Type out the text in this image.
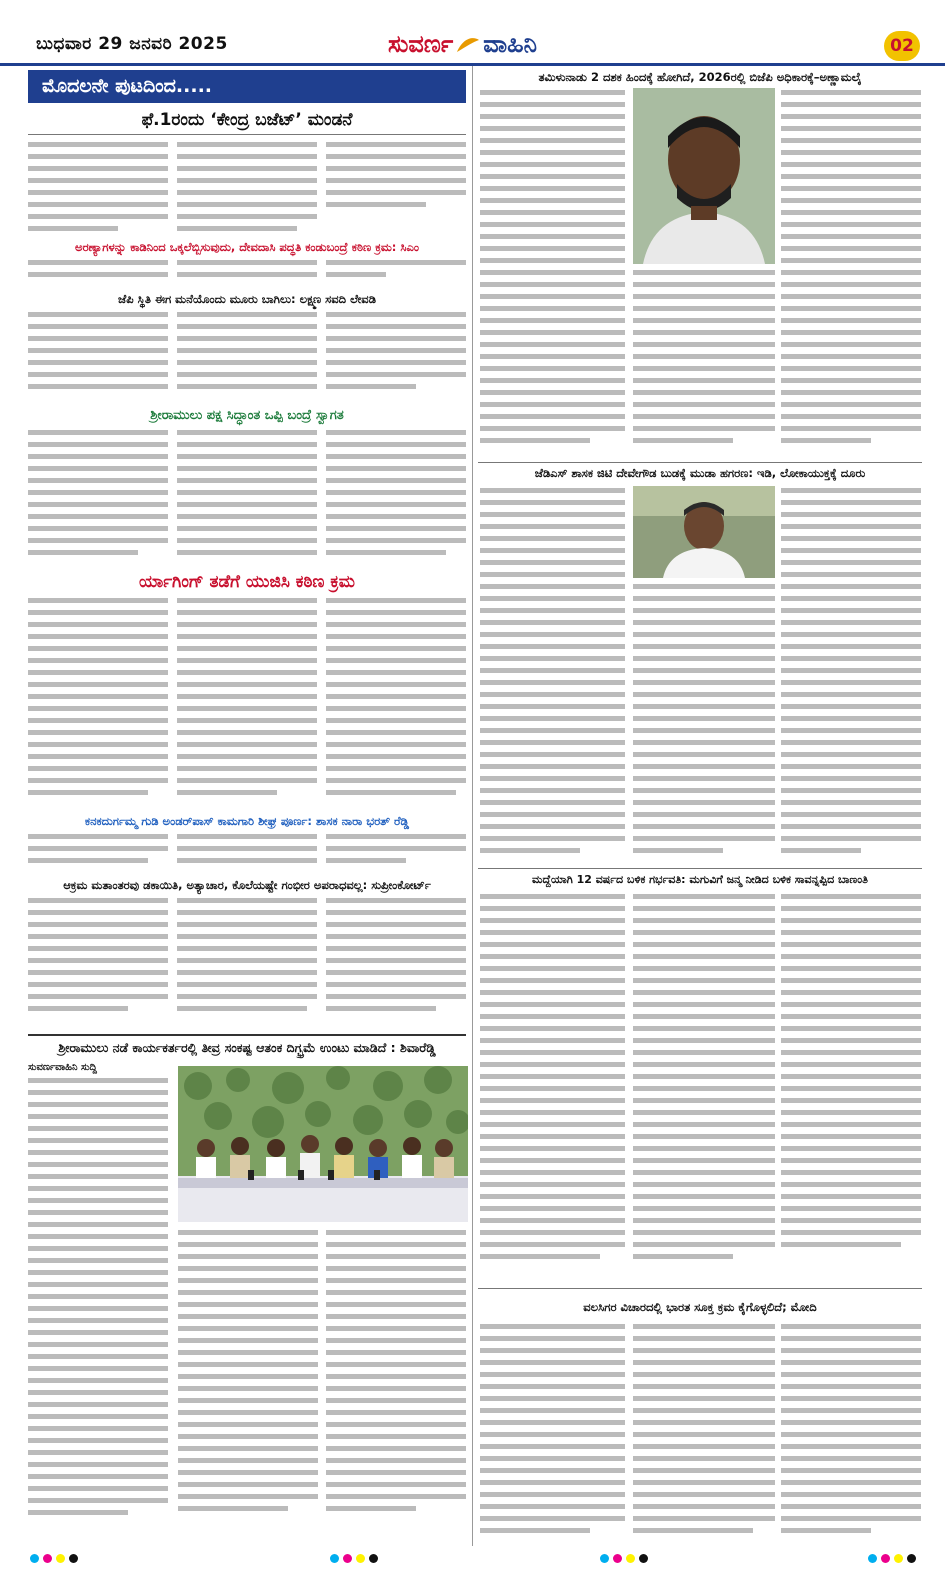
ಬುಧವಾರ 29 ಜನವರಿ 2025	ಸುವರ್ಣ ವಾಹಿನಿ	02
ಮೊದಲನೇ ಪುಟದಿಂದ.....
ಫೆ.1ರಂದು ‘ಕೇಂದ್ರ ಬಜೆಟ್’ ಮಂಡನೆ
ಅರಣ್ಯಾಗಳನ್ನು ಕಾಡಿನಿಂದ ಒಕ್ಕಲೆಬ್ಬಿಸುವುದು, ದೇವದಾಸಿ ಪದ್ಧತಿ ಕಂಡುಬಂದ್ರೆ ಕಠಿಣ ಕ್ರಮ: ಸಿಎಂ
ಜೆಪಿ ಸ್ಥಿತಿ ಈಗ ಮನೆಯೊಂದು ಮೂರು ಬಾಗಿಲು: ಲಕ್ಷ್ಮಣ ಸವದಿ ಲೇವಡಿ
ಶ್ರೀರಾಮುಲು ಪಕ್ಷ ಸಿದ್ಧಾಂತ ಒಪ್ಪಿ ಬಂದ್ರೆ ಸ್ವಾಗತ
ರ್ಯಾಗಿಂಗ್ ತಡೆಗೆ ಯುಜಿಸಿ ಕಠಿಣ ಕ್ರಮ
ಕನಕದುರ್ಗಮ್ಮ ಗುಡಿ ಅಂಡರ್‌ಪಾಸ್ ಕಾಮಗಾರಿ ಶೀಘ್ರ ಪೂರ್ಣ: ಶಾಸಕ ನಾರಾ ಭರತ್ ರೆಡ್ಡಿ
ಆಕ್ರಮ ಮತಾಂತರವು ಡಕಾಯಿತಿ, ಅತ್ಯಾಚಾರ, ಕೊಲೆಯಷ್ಟೇ ಗಂಭೀರ ಅಪರಾಧವಲ್ಲ: ಸುಪ್ರೀಂಕೋರ್ಟ್
ಶ್ರೀರಾಮುಲು ನಡೆ ಕಾರ್ಯಕರ್ತರಲ್ಲಿ ತೀವ್ರ ಸಂಕಷ್ಟ ಆತಂಕ ದಿಗ್ಭ್ರಮೆ ಉಂಟು ಮಾಡಿದೆ : ಶಿವಾರೆಡ್ಡಿ
ಸುವರ್ಣವಾಹಿನಿ ಸುದ್ದಿ
ತಮಿಳುನಾಡು 2 ದಶಕ ಹಿಂದಕ್ಕೆ ಹೋಗಿದೆ, 2026ರಲ್ಲಿ ಬಿಜೆಪಿ ಅಧಿಕಾರಕ್ಕೆ–ಅಣ್ಣಾಮಲೈ
ಜೆಡಿಎಸ್ ಶಾಸಕ ಜಿಟಿ ದೇವೇಗೌಡ ಬುಡಕ್ಕೆ ಮುಡಾ ಹಗರಣ: ಇಡಿ, ಲೋಕಾಯುಕ್ತಕ್ಕೆ ದೂರು
ಮದ್ದೆಯಾಗಿ 12 ವರ್ಷದ ಬಳಿಕ ಗರ್ಭವತಿ: ಮಗುವಿಗೆ ಜನ್ಮ ನೀಡಿದ ಬಳಿಕ ಸಾವನ್ನಪ್ಪಿದ ಬಾಣಂತಿ
ವಲಸಿಗರ ವಿಚಾರದಲ್ಲಿ ಭಾರತ ಸೂಕ್ತ ಕ್ರಮ ಕೈಗೊಳ್ಳಲಿದೆ; ಮೋದಿ
